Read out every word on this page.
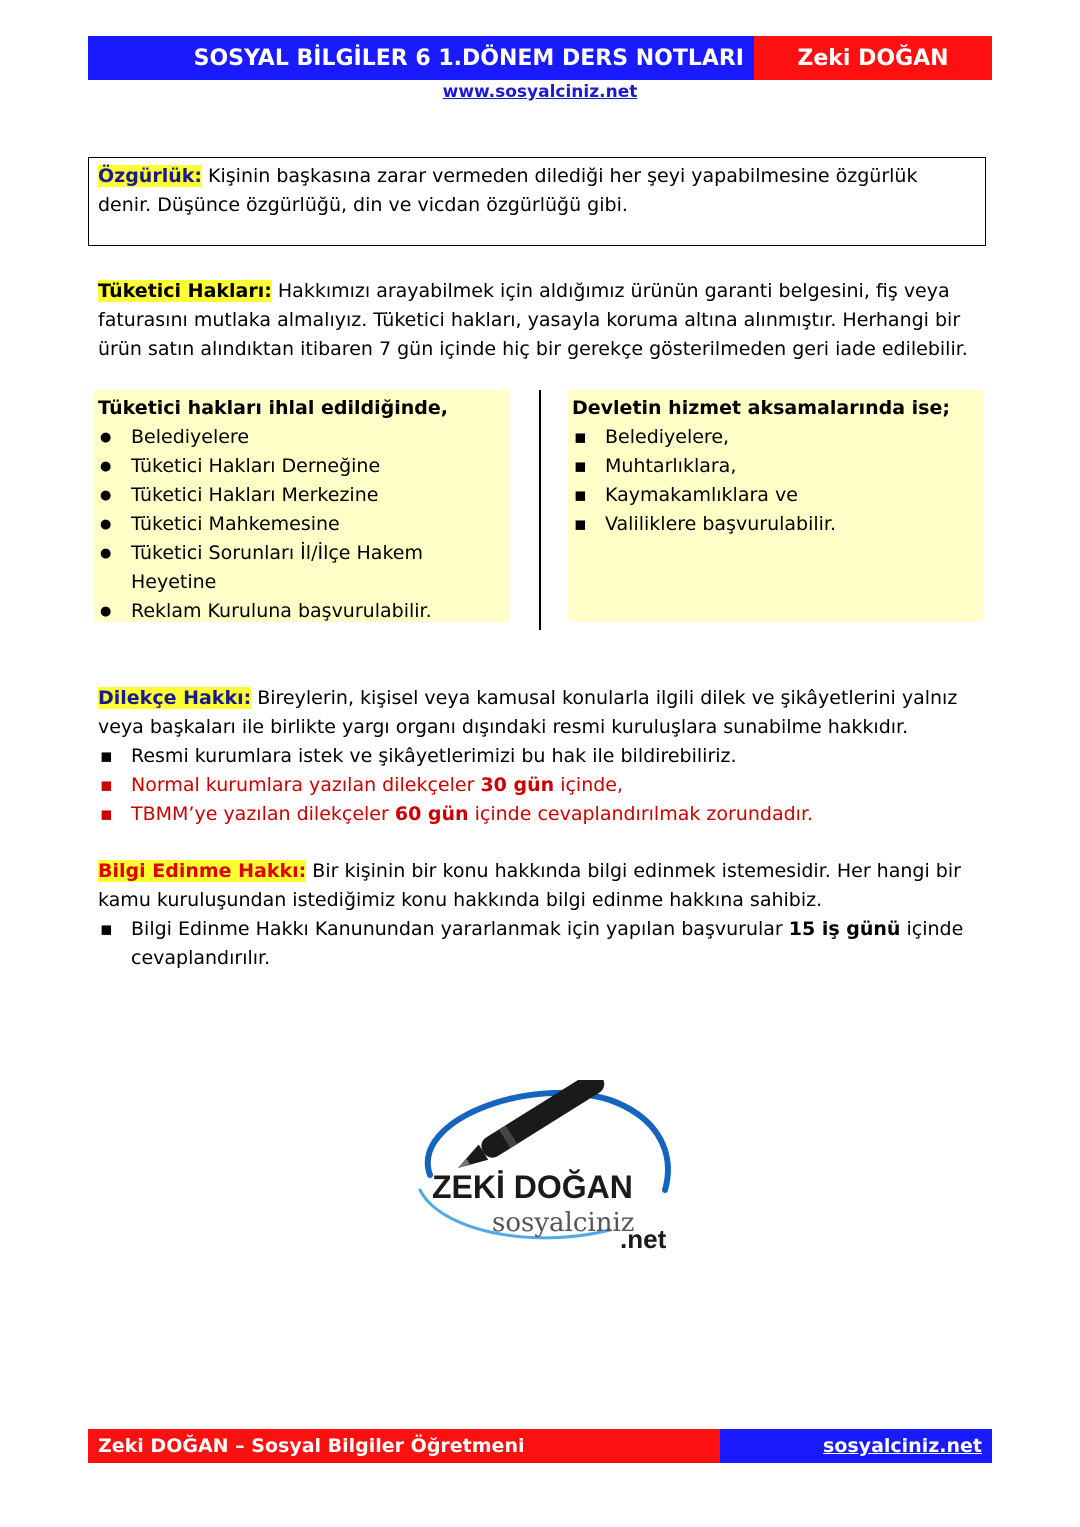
SOSYAL BİLGİLER 6 1.DÖNEM DERS NOTLARI Zeki DOĞAN
www.sosyalciniz.net
Özgürlük: Kişinin başkasına zarar vermeden dilediği her şeyi yapabilmesine özgürlük denir. Düşünce özgürlüğü, din ve vicdan özgürlüğü gibi.
Tüketici Hakları: Hakkımızı arayabilmek için aldığımız ürünün garanti belgesini, fiş veya faturasını mutlaka almalıyız. Tüketici hakları, yasayla koruma altına alınmıştır. Herhangi bir ürün satın alındıktan itibaren 7 gün içinde hiç bir gerekçe gösterilmeden geri iade edilebilir.
Tüketici hakları ihlal edildiğinde,
● Belediyelere
● Tüketici Hakları Derneğine
● Tüketici Hakları Merkezine
● Tüketici Mahkemesine
● Tüketici Sorunları İl/İlçe Hakem Heyetine
● Reklam Kuruluna başvurulabilir.
Devletin hizmet aksamalarında ise;
▪ Belediyelere,
▪ Muhtarlıklara,
▪ Kaymakamlıklara ve
▪ Valiliklere başvurulabilir.
Dilekçe Hakkı: Bireylerin, kişisel veya kamusal konularla ilgili dilek ve şikâyetlerini yalnız veya başkaları ile birlikte yargı organı dışındaki resmi kuruluşlara sunabilme hakkıdır.
▪ Resmi kurumlara istek ve şikâyetlerimizi bu hak ile bildirebiliriz.
▪ Normal kurumlara yazılan dilekçeler 30 gün içinde,
▪ TBMM’ye yazılan dilekçeler 60 gün içinde cevaplandırılmak zorundadır.
Bilgi Edinme Hakkı: Bir kişinin bir konu hakkında bilgi edinmek istemesidir. Her hangi bir kamu kuruluşundan istediğimiz konu hakkında bilgi edinme hakkına sahibiz.
▪ Bilgi Edinme Hakkı Kanunundan yararlanmak için yapılan başvurular 15 iş günü içinde cevaplandırılır.
ZEKİ DOĞAN
sosyalciniz
.net
Zeki DOĞAN – Sosyal Bilgiler Öğretmeni	sosyalciniz.net
